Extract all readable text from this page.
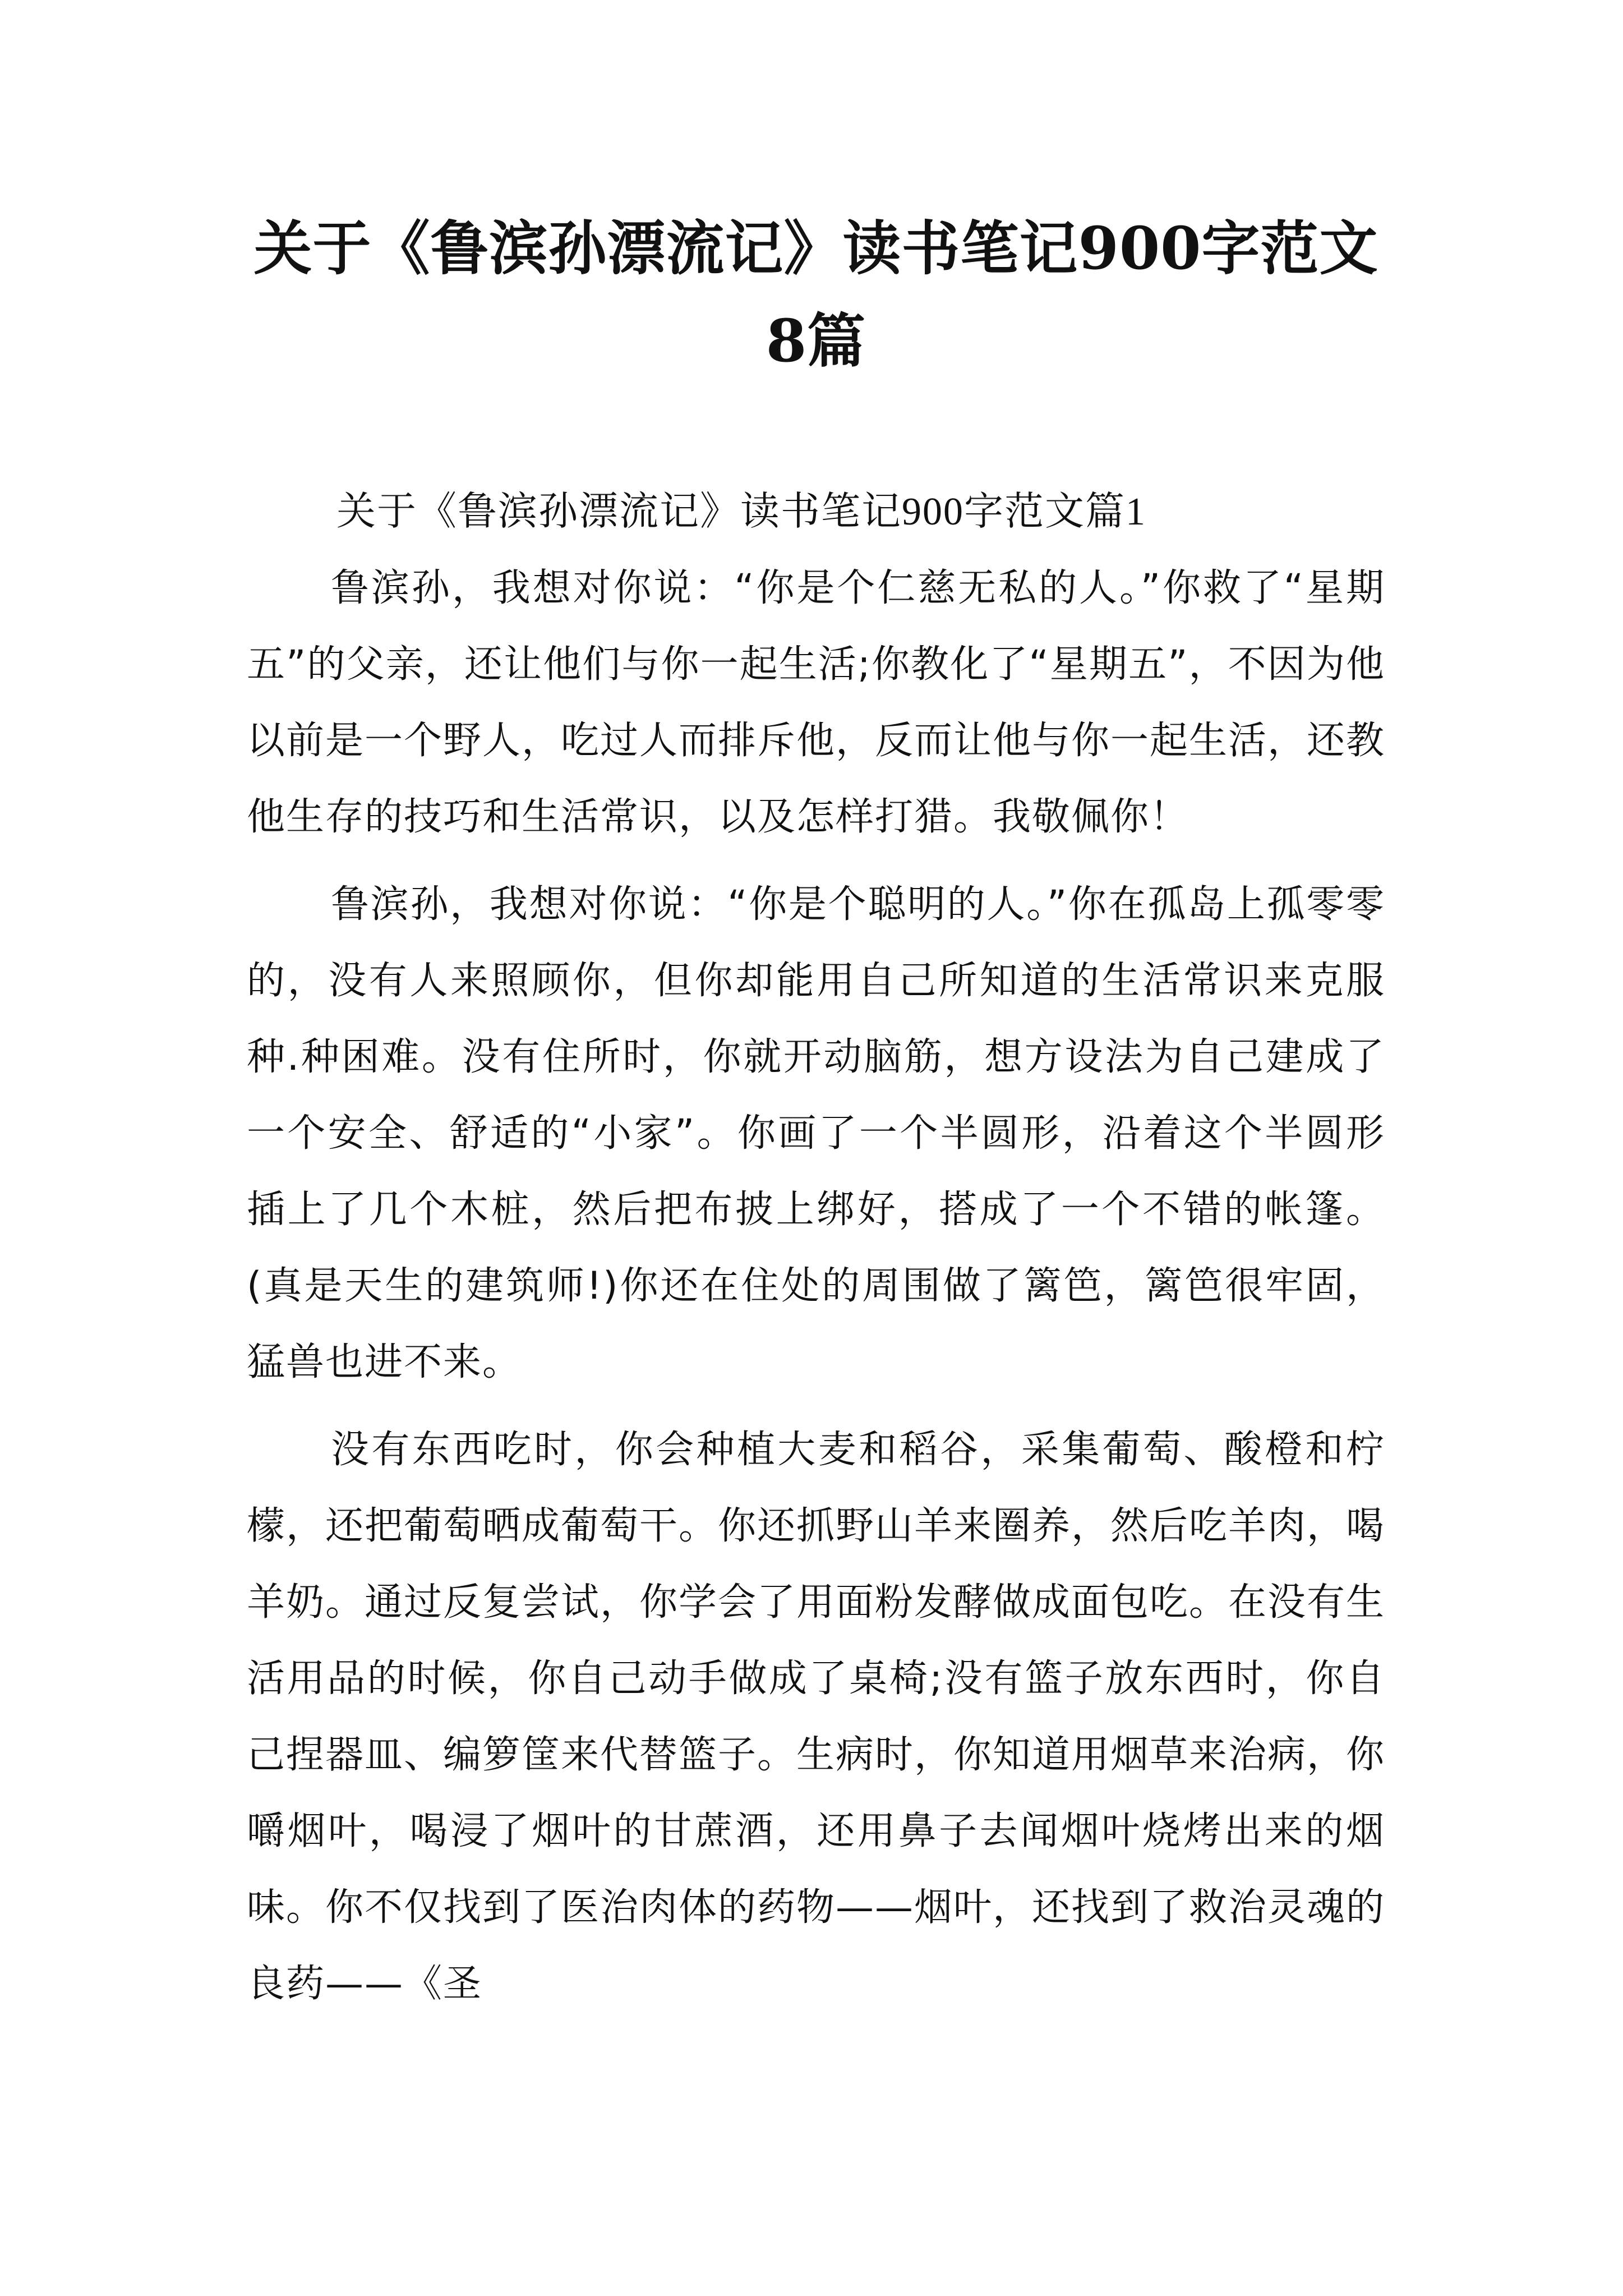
关于《鲁滨孙漂流记》读书笔记900字范文
8篇
关于《鲁滨孙漂流记》读书笔记900字范文篇1

鲁滨孙，我想对你说：“你是个仁慈无私的人。”你救了“星期五”的父亲，还让他们与你一起生活;你教化了“星期五”，不因为他以前是一个野人，吃过人而排斥他，反而让他与你一起生活，还教他生存的技巧和生活常识，以及怎样打猎。我敬佩你！

鲁滨孙，我想对你说：“你是个聪明的人。”你在孤岛上孤零零的，没有人来照顾你，但你却能用自己所知道的生活常识来克服种.种困难。没有住所时，你就开动脑筋，想方设法为自己建成了一个安全、舒适的“小家”。你画了一个半圆形，沿着这个半圆形插上了几个木桩，然后把布披上绑好，搭成了一个不错的帐篷。(真是天生的建筑师!)你还在住处的周围做了篱笆，篱笆很牢固，猛兽也进不来。

没有东西吃时，你会种植大麦和稻谷，采集葡萄、酸橙和柠檬，还把葡萄晒成葡萄干。你还抓野山羊来圈养，然后吃羊肉，喝羊奶。通过反复尝试，你学会了用面粉发酵做成面包吃。在没有生活用品的时候，你自己动手做成了桌椅;没有篮子放东西时，你自己捏器皿、编箩筐来代替篮子。生病时，你知道用烟草来治病，你嚼烟叶，喝浸了烟叶的甘蔗酒，还用鼻子去闻烟叶烧烤出来的烟味。你不仅找到了医治肉体的药物——烟叶，还找到了救治灵魂的良药——《圣
